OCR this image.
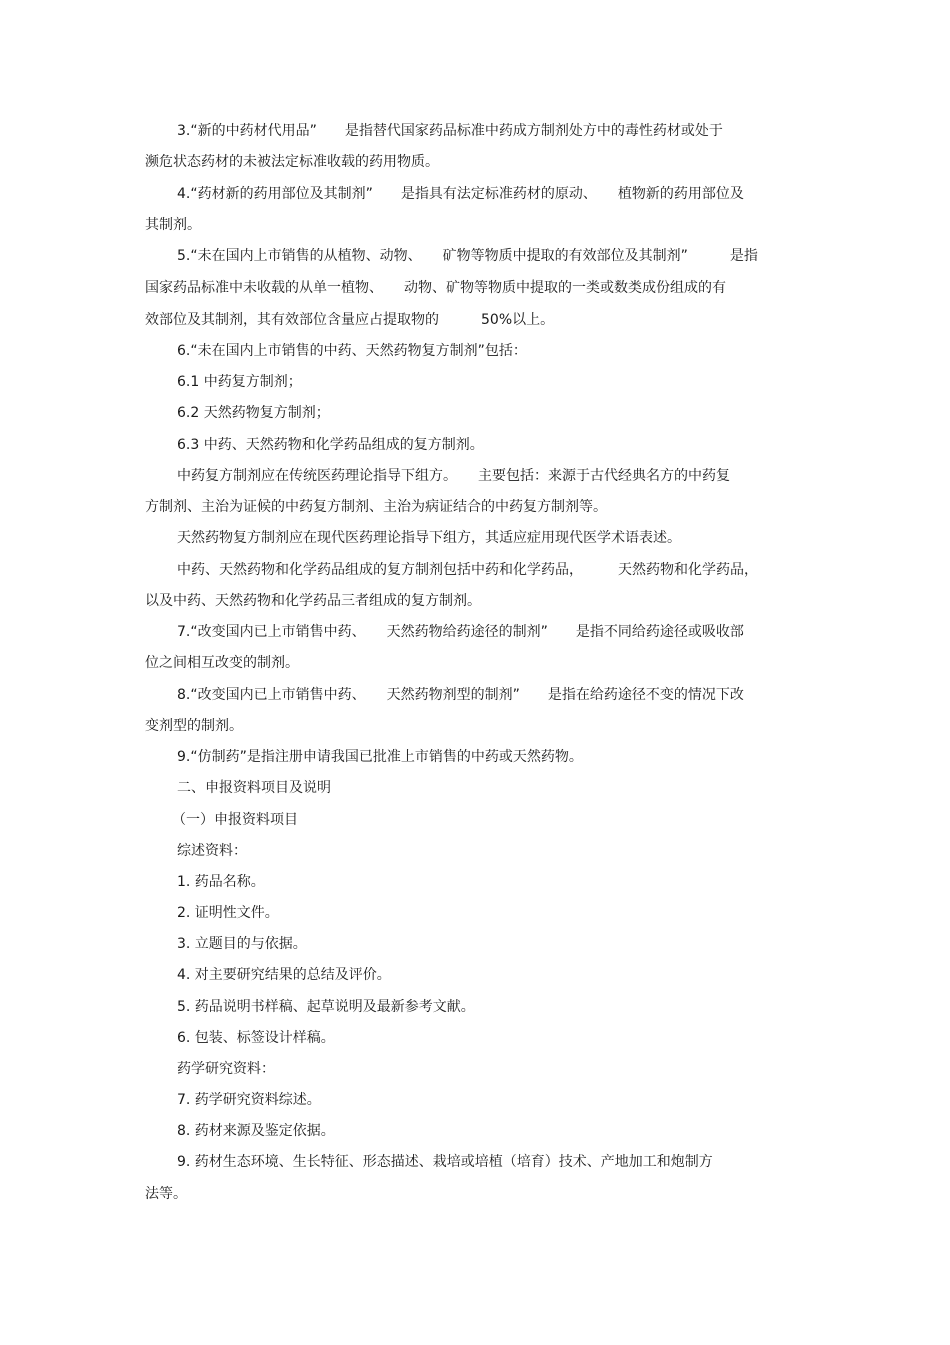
3.“新的中药材代用品”　　是指替代国家药品标准中药成方制剂处方中的毒性药材或处于
濒危状态药材的未被法定标准收载的药用物质。
4.“药材新的药用部位及其制剂”　　是指具有法定标准药材的原动、　　植物新的药用部位及
其制剂。
5.“未在国内上市销售的从植物、动物、　　矿物等物质中提取的有效部位及其制剂”　　　是指
国家药品标准中未收载的从单一植物、　　动物、矿物等物质中提取的一类或数类成份组成的有
效部位及其制剂，其有效部位含量应占提取物的　　　50%以上。
6.“未在国内上市销售的中药、天然药物复方制剂”包括：
6.1 中药复方制剂；
6.2 天然药物复方制剂；
6.3 中药、天然药物和化学药品组成的复方制剂。
中药复方制剂应在传统医药理论指导下组方。　　主要包括：来源于古代经典名方的中药复
方制剂、主治为证候的中药复方制剂、主治为病证结合的中药复方制剂等。
天然药物复方制剂应在现代医药理论指导下组方，其适应症用现代医学术语表述。
中药、天然药物和化学药品组成的复方制剂包括中药和化学药品，　　　天然药物和化学药品，
以及中药、天然药物和化学药品三者组成的复方制剂。
7.“改变国内已上市销售中药、　　天然药物给药途径的制剂”　　是指不同给药途径或吸收部
位之间相互改变的制剂。
8.“改变国内已上市销售中药、　　天然药物剂型的制剂”　　是指在给药途径不变的情况下改
变剂型的制剂。
9.“仿制药”是指注册申请我国已批准上市销售的中药或天然药物。
二、申报资料项目及说明
（一）申报资料项目
综述资料：
1. 药品名称。
2. 证明性文件。
3. 立题目的与依据。
4. 对主要研究结果的总结及评价。
5. 药品说明书样稿、起草说明及最新参考文献。
6. 包装、标签设计样稿。
药学研究资料：
7. 药学研究资料综述。
8. 药材来源及鉴定依据。
9. 药材生态环境、生长特征、形态描述、栽培或培植（培育）技术、产地加工和炮制方
法等。
